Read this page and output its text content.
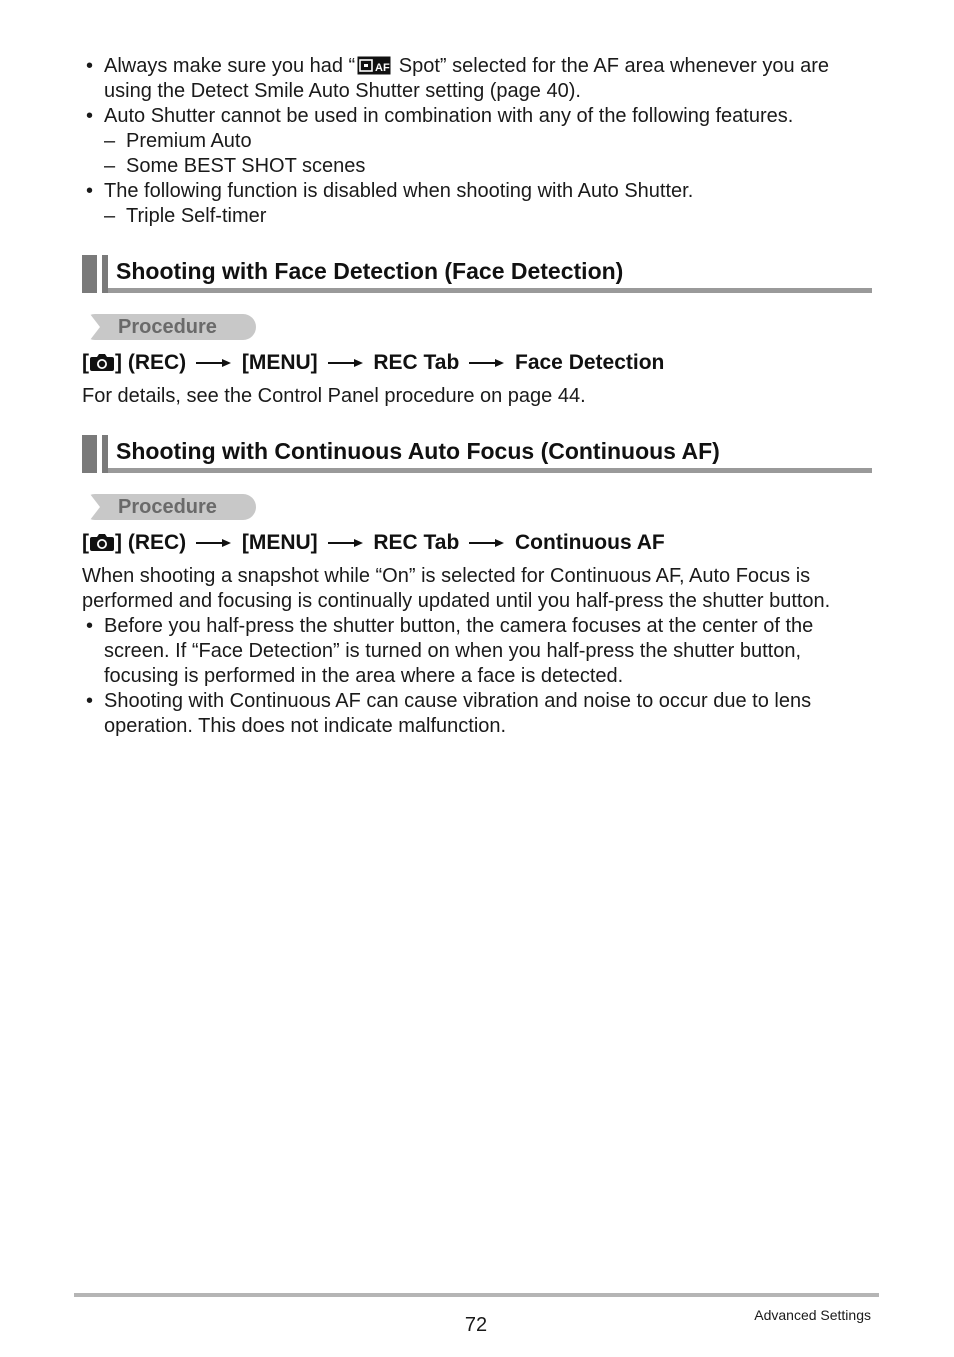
• Always make sure you had “ AF Spot” selected for the AF area whenever you are
using the Detect Smile Auto Shutter setting (page 40).
• Auto Shutter cannot be used in combination with any of the following features.
– Premium Auto
– Some BEST SHOT scenes
• The following function is disabled when shooting with Auto Shutter.
– Triple Self-timer
Shooting with Face Detection (Face Detection)
Procedure
[ ] (REC)	[MENU]	REC Tab	Face Detection
For details, see the Control Panel procedure on page 44.
Shooting with Continuous Auto Focus (Continuous AF)
Procedure
[ ] (REC)	[MENU]	REC Tab	Continuous AF
When shooting a snapshot while “On” is selected for Continuous AF, Auto Focus is
performed and focusing is continually updated until you half-press the shutter button.
• Before you half-press the shutter button, the camera focuses at the center of the
screen. If “Face Detection” is turned on when you half-press the shutter button,
focusing is performed in the area where a face is detected.
• Shooting with Continuous AF can cause vibration and noise to occur due to lens
operation. This does not indicate malfunction.
72	Advanced Settings
